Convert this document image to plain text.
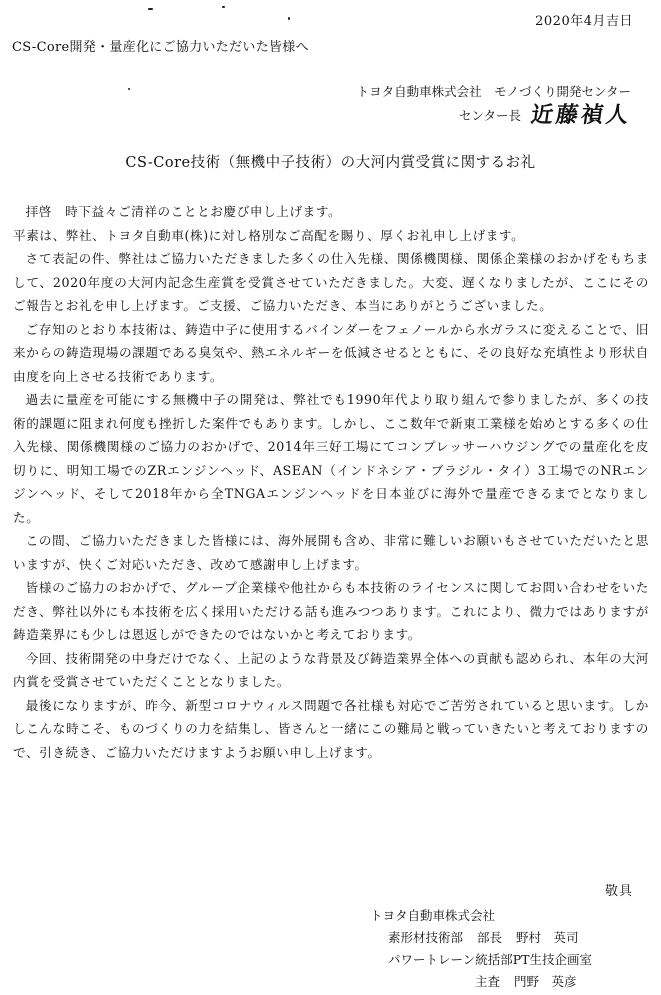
2020年4月吉日
CS-Core開発・量産化にご協力いただいた皆様へ
トヨタ自動車株式会社　モノづくり開発センター
センター長 近藤禎人
CS-Core技術（無機中子技術）の大河内賞受賞に関するお礼

拝啓　時下益々ご清祥のこととお慶び申し上げます。

平素は、弊社、トヨタ自動車(株)に対し格別なご高配を賜り、厚くお礼申し上げます。

さて表記の件、弊社はご協力いただきました多くの仕入先様、関係機関様、関係企業様のおかげをもちまして、2020年度の大河内記念生産賞を受賞させていただきました。大変、遅くなりましたが、ここにそのご報告とお礼を申し上げます。ご支援、ご協力いただき、本当にありがとうございました。

ご存知のとおり本技術は、鋳造中子に使用するバインダーをフェノールから水ガラスに変えることで、旧来からの鋳造現場の課題である臭気や、熱エネルギーを低減させるとともに、その良好な充填性より形状自由度を向上させる技術であります。

過去に量産を可能にする無機中子の開発は、弊社でも1990年代より取り組んで参りましたが、多くの技術的課題に阻まれ何度も挫折した案件でもあります。しかし、ここ数年で新東工業様を始めとする多くの仕入先様、関係機関様のご協力のおかげで、2014年三好工場にてコンプレッサーハウジングでの量産化を皮切りに、明知工場でのZRエンジンヘッド、ASEAN（インドネシア・ブラジル・タイ）3工場でのNRエンジンヘッド、そして2018年から全TNGAエンジンヘッドを日本並びに海外で量産できるまでとなりました。

この間、ご協力いただきました皆様には、海外展開も含め、非常に難しいお願いもさせていただいたと思いますが、快くご対応いただき、改めて感謝申し上げます。

皆様のご協力のおかげで、グループ企業様や他社からも本技術のライセンスに関してお問い合わせをいただき、弊社以外にも本技術を広く採用いただける話も進みつつあります。これにより、微力ではありますが鋳造業界にも少しは恩返しができたのではないかと考えております。

今回、技術開発の中身だけでなく、上記のような背景及び鋳造業界全体への貢献も認められ、本年の大河内賞を受賞させていただくこととなりました。

最後になりますが、昨今、新型コロナウィルス問題で各社様も対応でご苦労されていると思います。しかしこんな時こそ、ものづくりの力を結集し、皆さんと一緒にこの難局と戦っていきたいと考えておりますので、引き続き、ご協力いただけますようお願い申し上げます。

敬具
トヨタ自動車株式会社
素形材技術部 部長 野村　英司
パワートレーン統括部PT生技企画室
主査 門野　英彦
